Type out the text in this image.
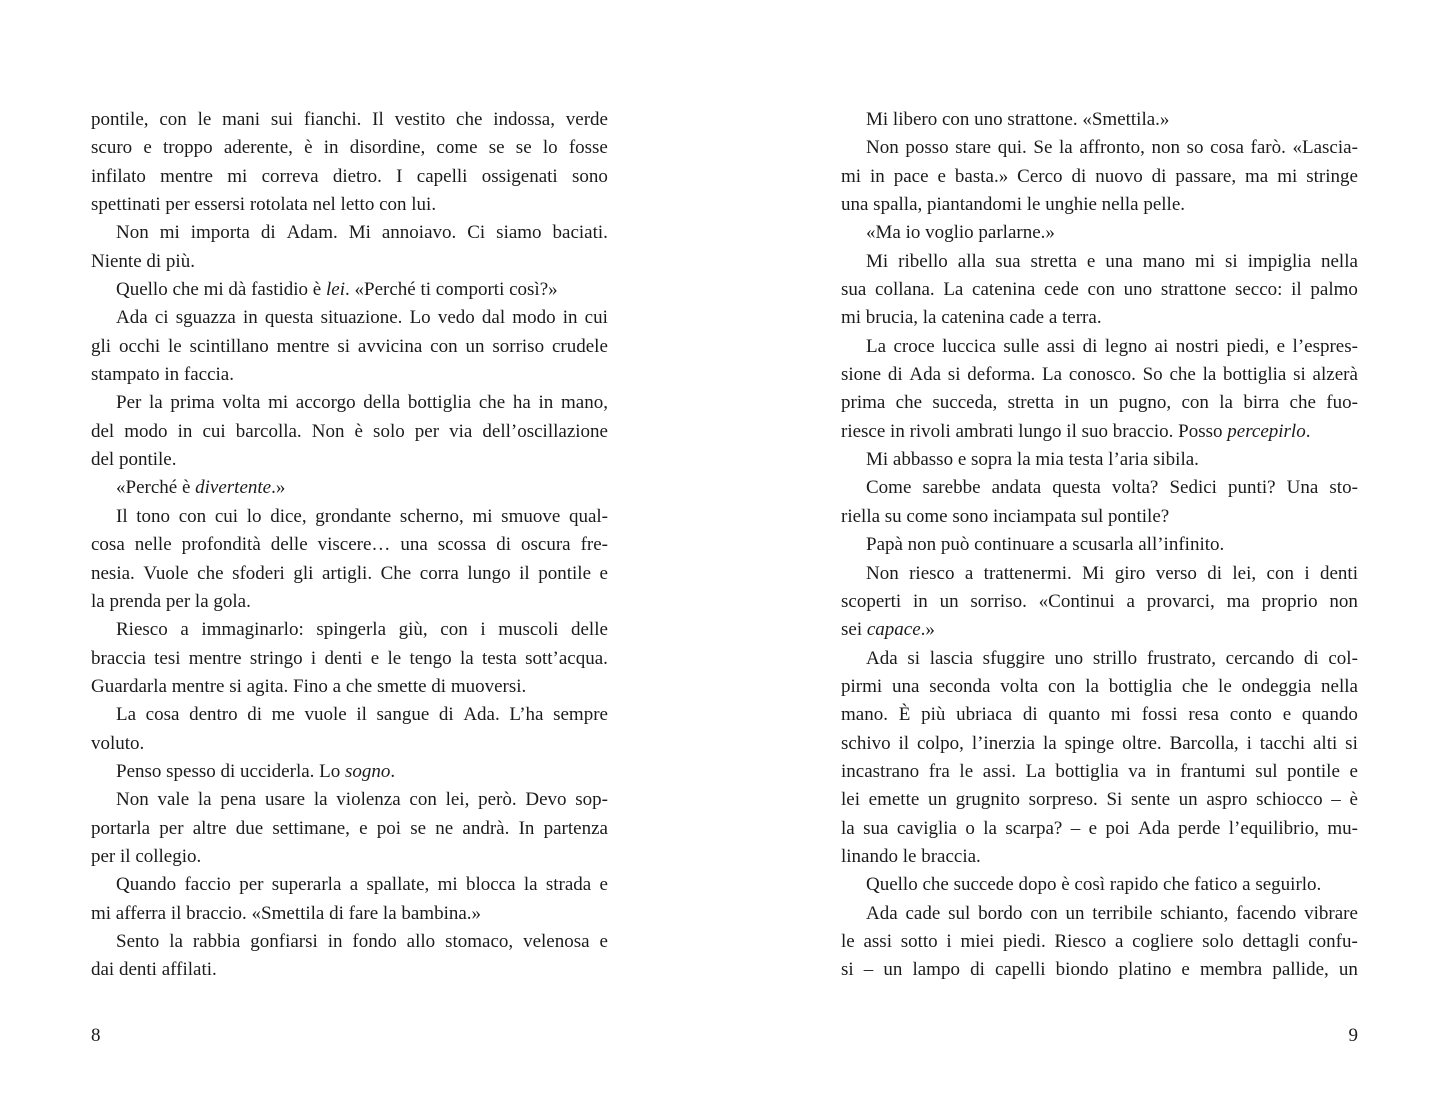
pontile, con le mani sui fianchi. Il vestito che indossa, verde
scuro e troppo aderente, è in disordine, come se se lo fosse
infilato mentre mi correva dietro. I capelli ossigenati sono
spettinati per essersi rotolata nel letto con lui.
Non mi importa di Adam. Mi annoiavo. Ci siamo baciati.
Niente di più.
Quello che mi dà fastidio è lei. «Perché ti comporti così?»
Ada ci sguazza in questa situazione. Lo vedo dal modo in cui
gli occhi le scintillano mentre si avvicina con un sorriso crudele
stampato in faccia.
Per la prima volta mi accorgo della bottiglia che ha in mano,
del modo in cui barcolla. Non è solo per via dell’oscillazione
del pontile.
«Perché è divertente.»
Il tono con cui lo dice, grondante scherno, mi smuove qual-
cosa nelle profondità delle viscere… una scossa di oscura fre-
nesia. Vuole che sfoderi gli artigli. Che corra lungo il pontile e
la prenda per la gola.
Riesco a immaginarlo: spingerla giù, con i muscoli delle
braccia tesi mentre stringo i denti e le tengo la testa sott’acqua.
Guardarla mentre si agita. Fino a che smette di muoversi.
La cosa dentro di me vuole il sangue di Ada. L’ha sempre
voluto.
Penso spesso di ucciderla. Lo sogno.
Non vale la pena usare la violenza con lei, però. Devo sop-
portarla per altre due settimane, e poi se ne andrà. In partenza
per il collegio.
Quando faccio per superarla a spallate, mi blocca la strada e
mi afferra il braccio. «Smettila di fare la bambina.»
Sento la rabbia gonfiarsi in fondo allo stomaco, velenosa e
dai denti affilati.
8
Mi libero con uno strattone. «Smettila.»
Non posso stare qui. Se la affronto, non so cosa farò. «Lascia-
mi in pace e basta.» Cerco di nuovo di passare, ma mi stringe
una spalla, piantandomi le unghie nella pelle.
«Ma io voglio parlarne.»
Mi ribello alla sua stretta e una mano mi si impiglia nella
sua collana. La catenina cede con uno strattone secco: il palmo
mi brucia, la catenina cade a terra.
La croce luccica sulle assi di legno ai nostri piedi, e l’espres-
sione di Ada si deforma. La conosco. So che la bottiglia si alzerà
prima che succeda, stretta in un pugno, con la birra che fuo-
riesce in rivoli ambrati lungo il suo braccio. Posso percepirlo.
Mi abbasso e sopra la mia testa l’aria sibila.
Come sarebbe andata questa volta? Sedici punti? Una sto-
riella su come sono inciampata sul pontile?
Papà non può continuare a scusarla all’infinito.
Non riesco a trattenermi. Mi giro verso di lei, con i denti
scoperti in un sorriso. «Continui a provarci, ma proprio non
sei capace.»
Ada si lascia sfuggire uno strillo frustrato, cercando di col-
pirmi una seconda volta con la bottiglia che le ondeggia nella
mano. È più ubriaca di quanto mi fossi resa conto e quando
schivo il colpo, l’inerzia la spinge oltre. Barcolla, i tacchi alti si
incastrano fra le assi. La bottiglia va in frantumi sul pontile e
lei emette un grugnito sorpreso. Si sente un aspro schiocco – è
la sua caviglia o la scarpa? – e poi Ada perde l’equilibrio, mu-
linando le braccia.
Quello che succede dopo è così rapido che fatico a seguirlo.
Ada cade sul bordo con un terribile schianto, facendo vibrare
le assi sotto i miei piedi. Riesco a cogliere solo dettagli confu-
si – un lampo di capelli biondo platino e membra pallide, un
9
